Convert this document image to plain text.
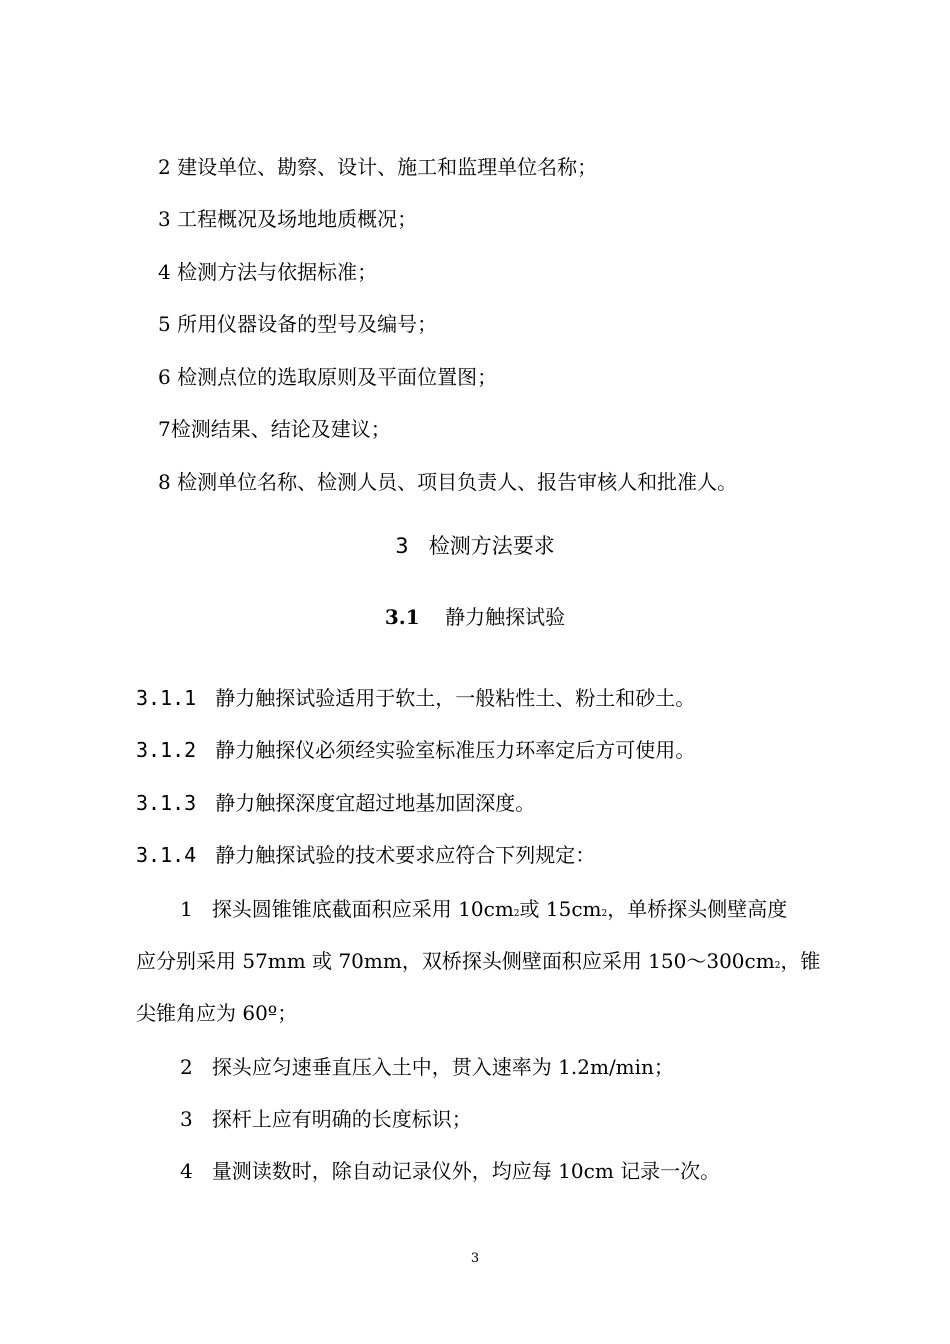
2 建设单位、勘察、设计、施工和监理单位名称；
3 工程概况及场地地质概况；
4 检测方法与依据标准；
5 所用仪器设备的型号及编号；
6 检测点位的选取原则及平面位置图；
7检测结果、结论及建议；
8 检测单位名称、检测人员、项目负责人、报告审核人和批准人。
3 检测方法要求
3.1 静力触探试验
3.1.1 静力触探试验适用于软土，一般粘性土、粉土和砂土。
3.1.2 静力触探仪必须经实验室标准压力环率定后方可使用。
3.1.3 静力触探深度宜超过地基加固深度。
3.1.4 静力触探试验的技术要求应符合下列规定：
1 探头圆锥锥底截面积应采用 10cm2或 15cm2，单桥探头侧壁高度
应分别采用 57mm 或 70mm，双桥探头侧壁面积应采用 150～300cm2，锥
尖锥角应为 60º；
2 探头应匀速垂直压入土中，贯入速率为 1.2m/min；
3 探杆上应有明确的长度标识；
4 量测读数时，除自动记录仪外，均应每 10cm 记录一次。
3
